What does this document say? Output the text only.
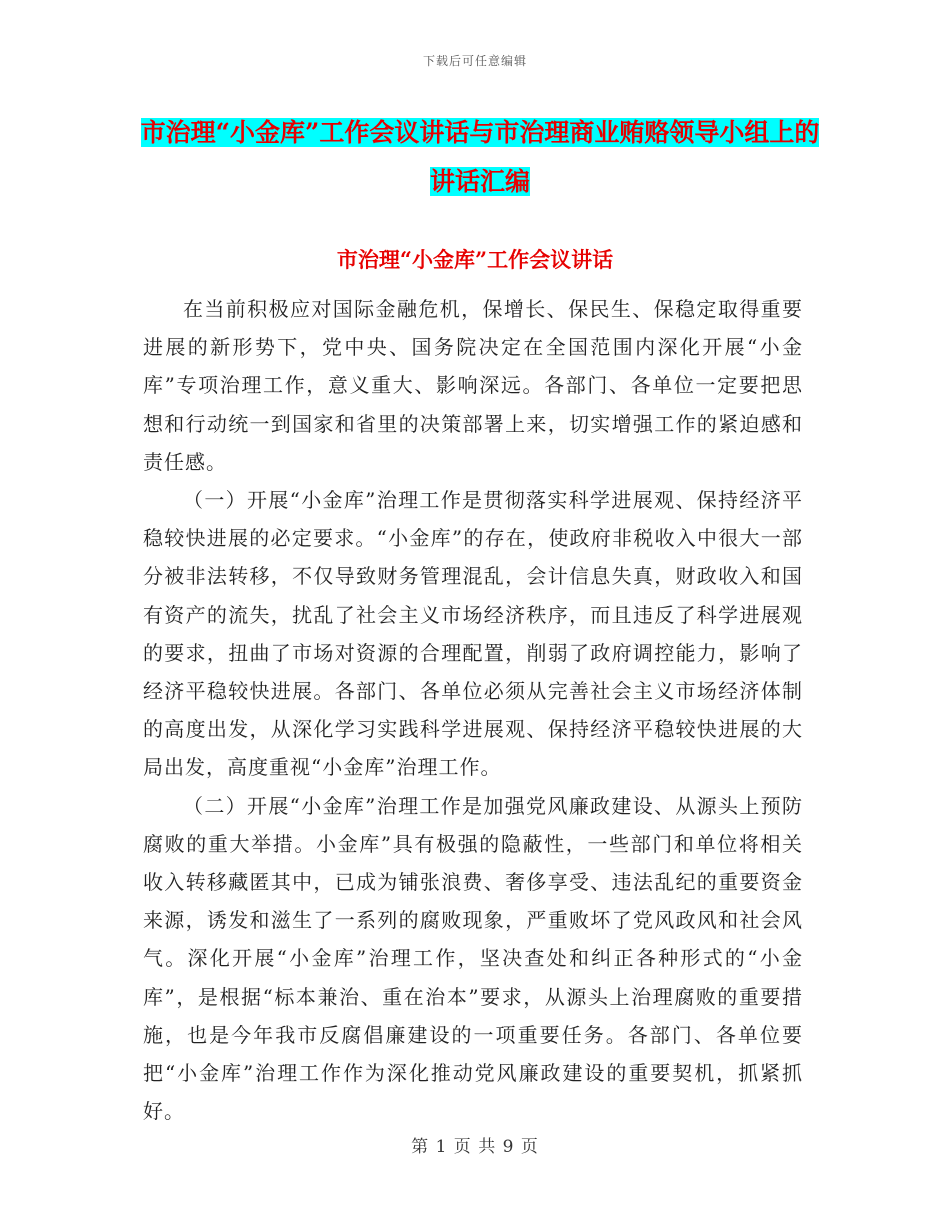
下载后可任意编辑
市治理“小金库”工作会议讲话与市治理商业贿赂领导小组上的讲话汇编
市治理“小金库”工作会议讲话

在当前积极应对国际金融危机，保增长、保民生、保稳定取得重要进展的新形势下，党中央、国务院决定在全国范围内深化开展“小金库”专项治理工作，意义重大、影响深远。各部门、各单位一定要把思想和行动统一到国家和省里的决策部署上来，切实增强工作的紧迫感和责任感。

（一）开展“小金库”治理工作是贯彻落实科学进展观、保持经济平稳较快进展的必定要求。“小金库”的存在，使政府非税收入中很大一部分被非法转移，不仅导致财务管理混乱，会计信息失真，财政收入和国有资产的流失，扰乱了社会主义市场经济秩序，而且违反了科学进展观的要求，扭曲了市场对资源的合理配置，削弱了政府调控能力，影响了经济平稳较快进展。各部门、各单位必须从完善社会主义市场经济体制的高度出发，从深化学习实践科学进展观、保持经济平稳较快进展的大局出发，高度重视“小金库”治理工作。

（二）开展“小金库”治理工作是加强党风廉政建设、从源头上预防腐败的重大举措。小金库”具有极强的隐蔽性，一些部门和单位将相关收入转移藏匿其中，已成为铺张浪费、奢侈享受、违法乱纪的重要资金来源，诱发和滋生了一系列的腐败现象，严重败坏了党风政风和社会风气。深化开展“小金库”治理工作，坚决查处和纠正各种形式的“小金库”，是根据“标本兼治、重在治本”要求，从源头上治理腐败的重要措施，也是今年我市反腐倡廉建设的一项重要任务。各部门、各单位要把“小金库”治理工作作为深化推动党风廉政建设的重要契机，抓紧抓好。

第 1 页 共 9 页
